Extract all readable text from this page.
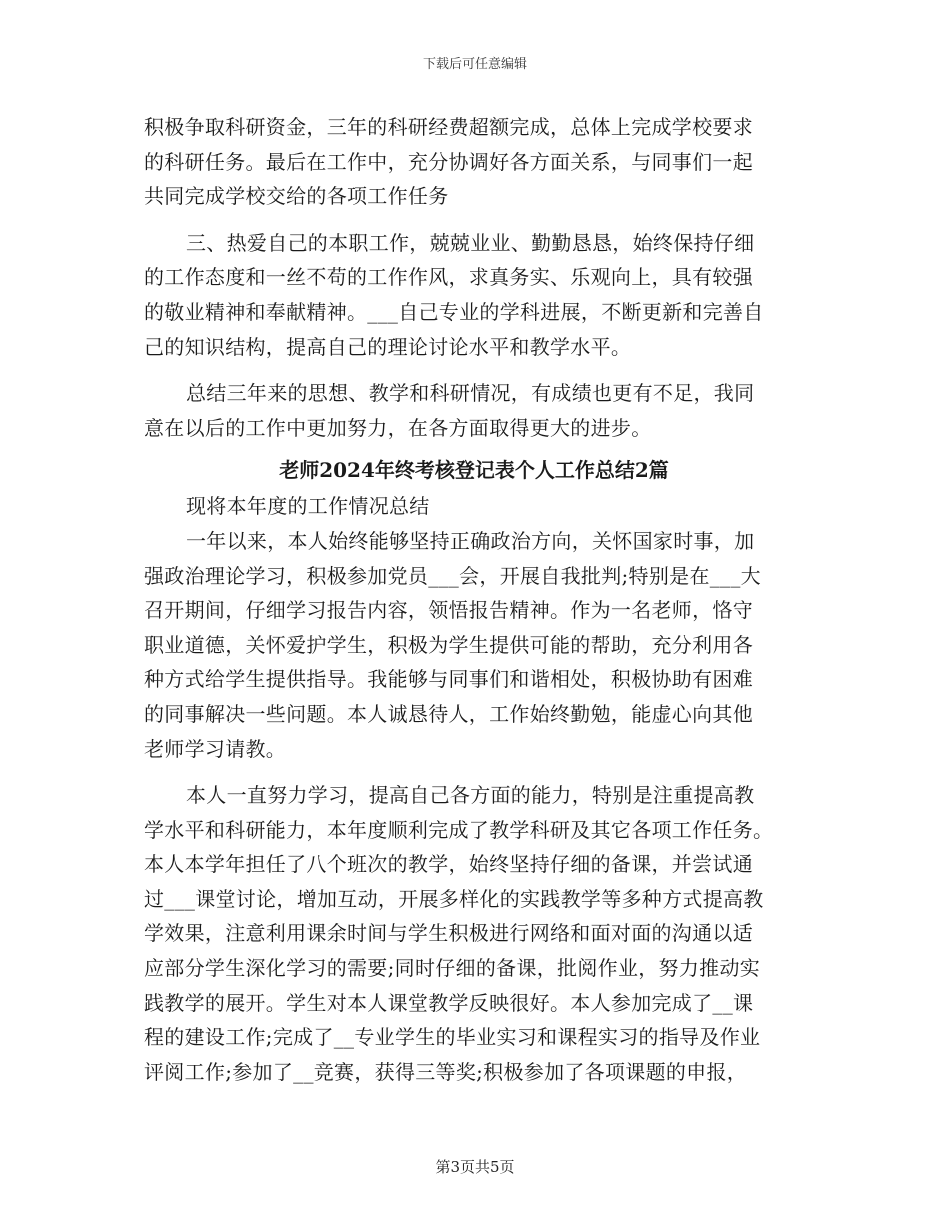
下载后可任意编辑
积极争取科研资金，三年的科研经费超额完成，总体上完成学校要求
的科研任务。最后在工作中，充分协调好各方面关系，与同事们一起
共同完成学校交给的各项工作任务
三、热爱自己的本职工作，兢兢业业、勤勤恳恳，始终保持仔细
的工作态度和一丝不苟的工作作风，求真务实、乐观向上，具有较强
的敬业精神和奉献精神。___自己专业的学科进展，不断更新和完善自
己的知识结构，提高自己的理论讨论水平和教学水平。
总结三年来的思想、教学和科研情况，有成绩也更有不足，我同
意在以后的工作中更加努力，在各方面取得更大的进步。
老师2024年终考核登记表个人工作总结2篇
现将本年度的工作情况总结
一年以来，本人始终能够坚持正确政治方向，关怀国家时事，加
强政治理论学习，积极参加党员___会，开展自我批判;特别是在___大
召开期间，仔细学习报告内容，领悟报告精神。作为一名老师，恪守
职业道德，关怀爱护学生，积极为学生提供可能的帮助，充分利用各
种方式给学生提供指导。我能够与同事们和谐相处，积极协助有困难
的同事解决一些问题。本人诚恳待人，工作始终勤勉，能虚心向其他
老师学习请教。
本人一直努力学习，提高自己各方面的能力，特别是注重提高教
学水平和科研能力，本年度顺利完成了教学科研及其它各项工作任务。
本人本学年担任了八个班次的教学，始终坚持仔细的备课，并尝试通
过___课堂讨论，增加互动，开展多样化的实践教学等多种方式提高教
学效果，注意利用课余时间与学生积极进行网络和面对面的沟通以适
应部分学生深化学习的需要;同时仔细的备课，批阅作业，努力推动实
践教学的展开。学生对本人课堂教学反映很好。本人参加完成了__课
程的建设工作;完成了__专业学生的毕业实习和课程实习的指导及作业
评阅工作;参加了__竞赛，获得三等奖;积极参加了各项课题的申报，
第3页共5页
